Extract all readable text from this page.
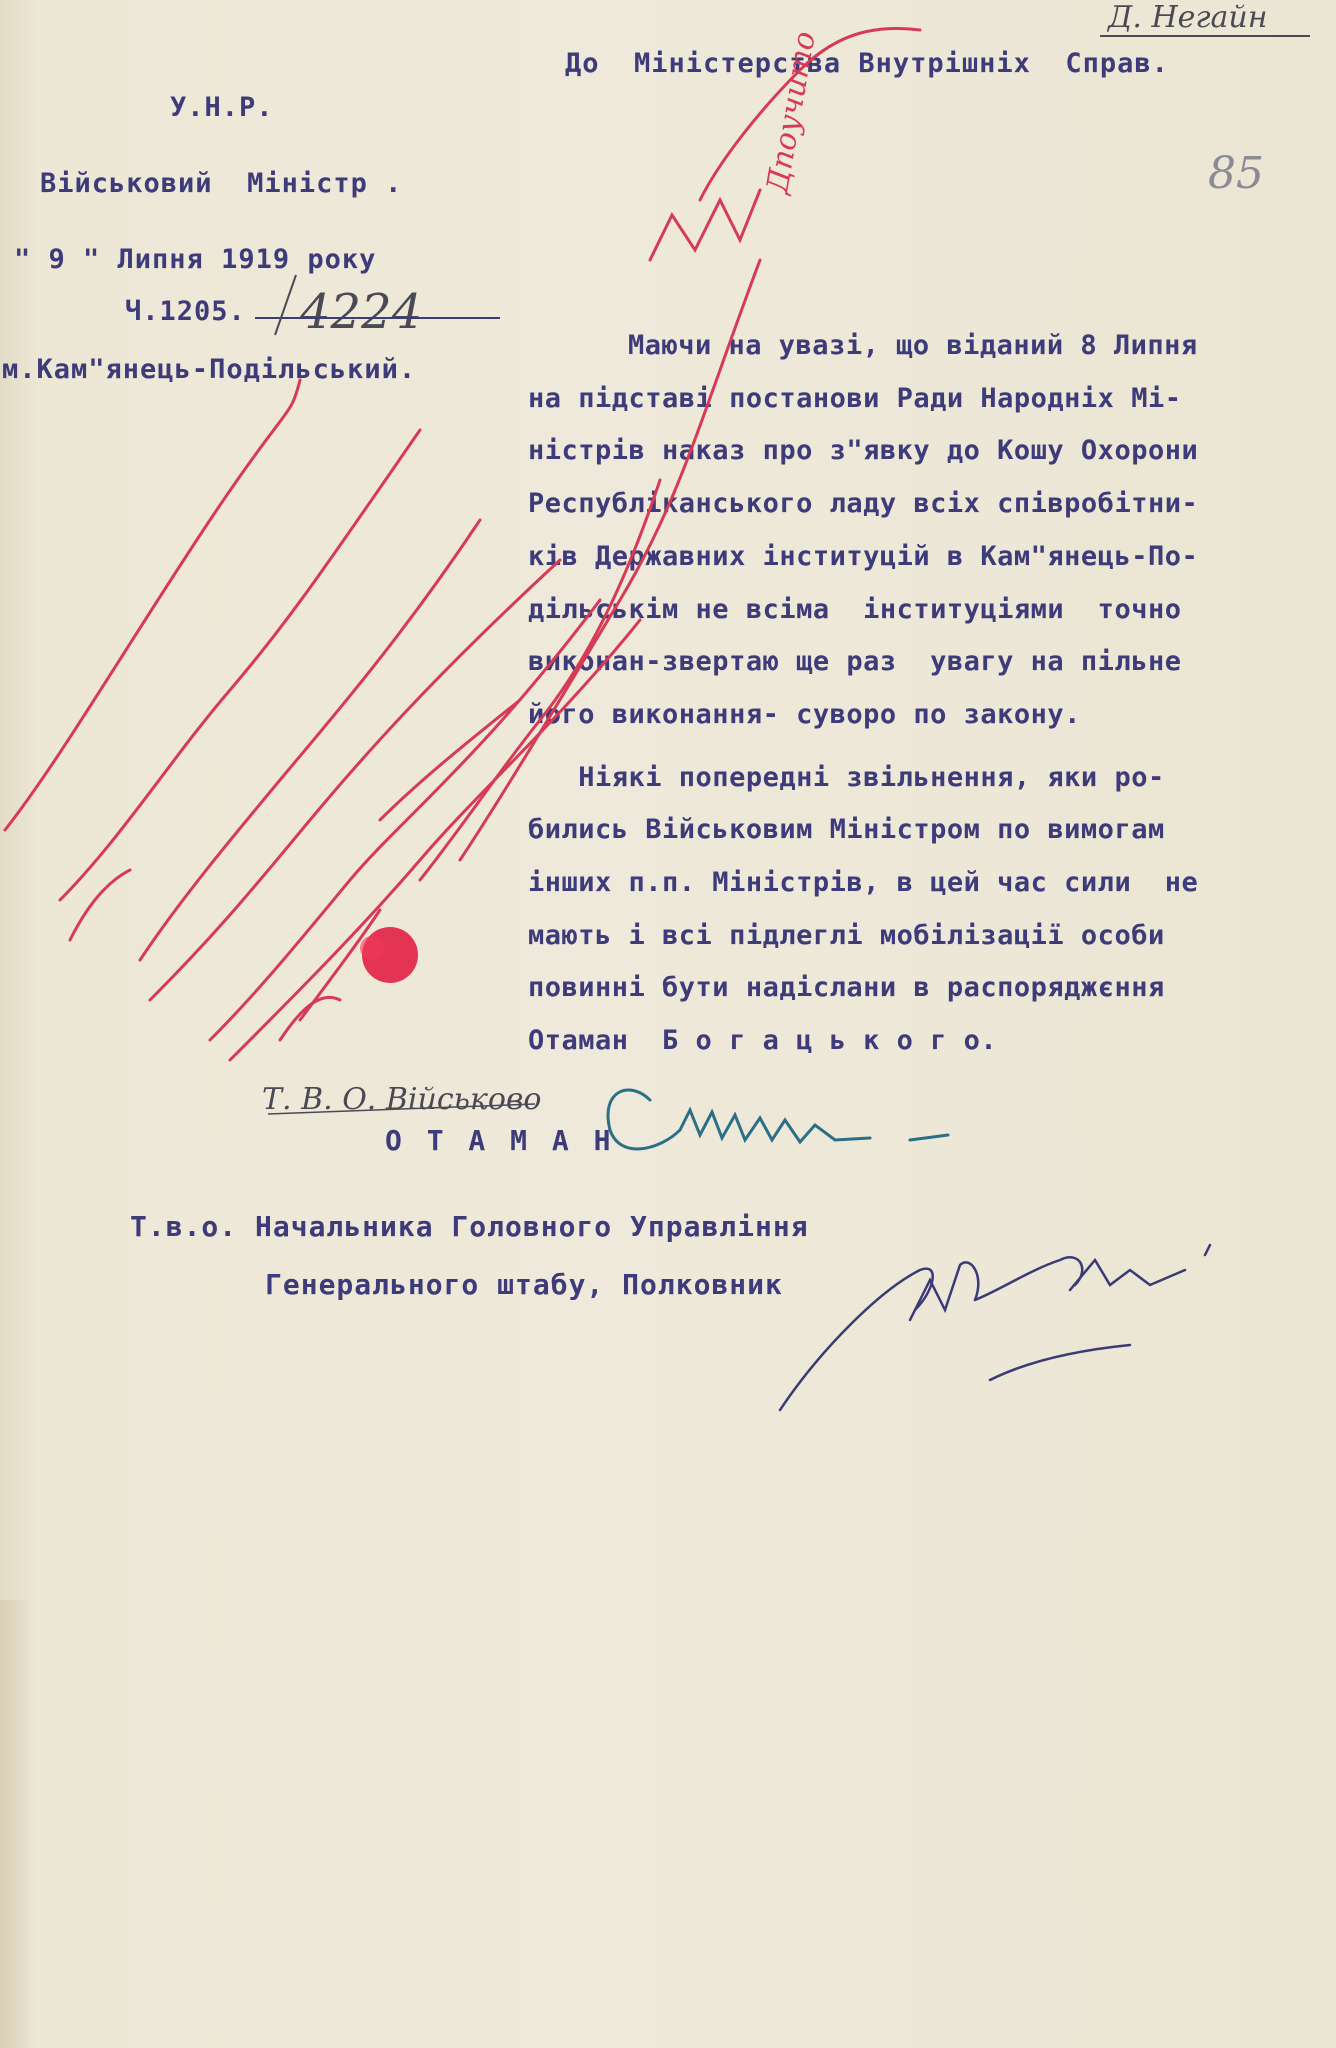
До  Міністерства Внутрішніх  Справ.

У.Н.Р.

Військовий  Міністр .

" 9 " Липня 1919 року

Ч.1205. 4224

м.Кам"янець-Подільський.

Маючи на увазі, що віданий 8 Липня

на підставі постанови Ради Народніх Мі-

ністрів наказ про з"явку до Кошу Охорони

Республіканського ладу всіх співробітни-

ків Державних інституцій в Кам"янець-По-

дільськім не всіма  інституціями  точно

виконан-звертаю ще раз  увагу на пільне

його виконання- суворо по закону.

Ніякі попередні звільнення, яки ро-

бились Військовим Міністром по вимогам

інших п.п. Міністрів, в цей час сили  не

мають і всі підлеглі мобілізації особи

повинні бути надіслани в распоряджєння

Отаман  Б о г а ц ь к о г о.

Т. В. О. Військово

О Т А М А Н

Т.в.о. Начальника Головного Управління

Генерального штабу, Полковник

Д. Негайн

85

Дпоучито
